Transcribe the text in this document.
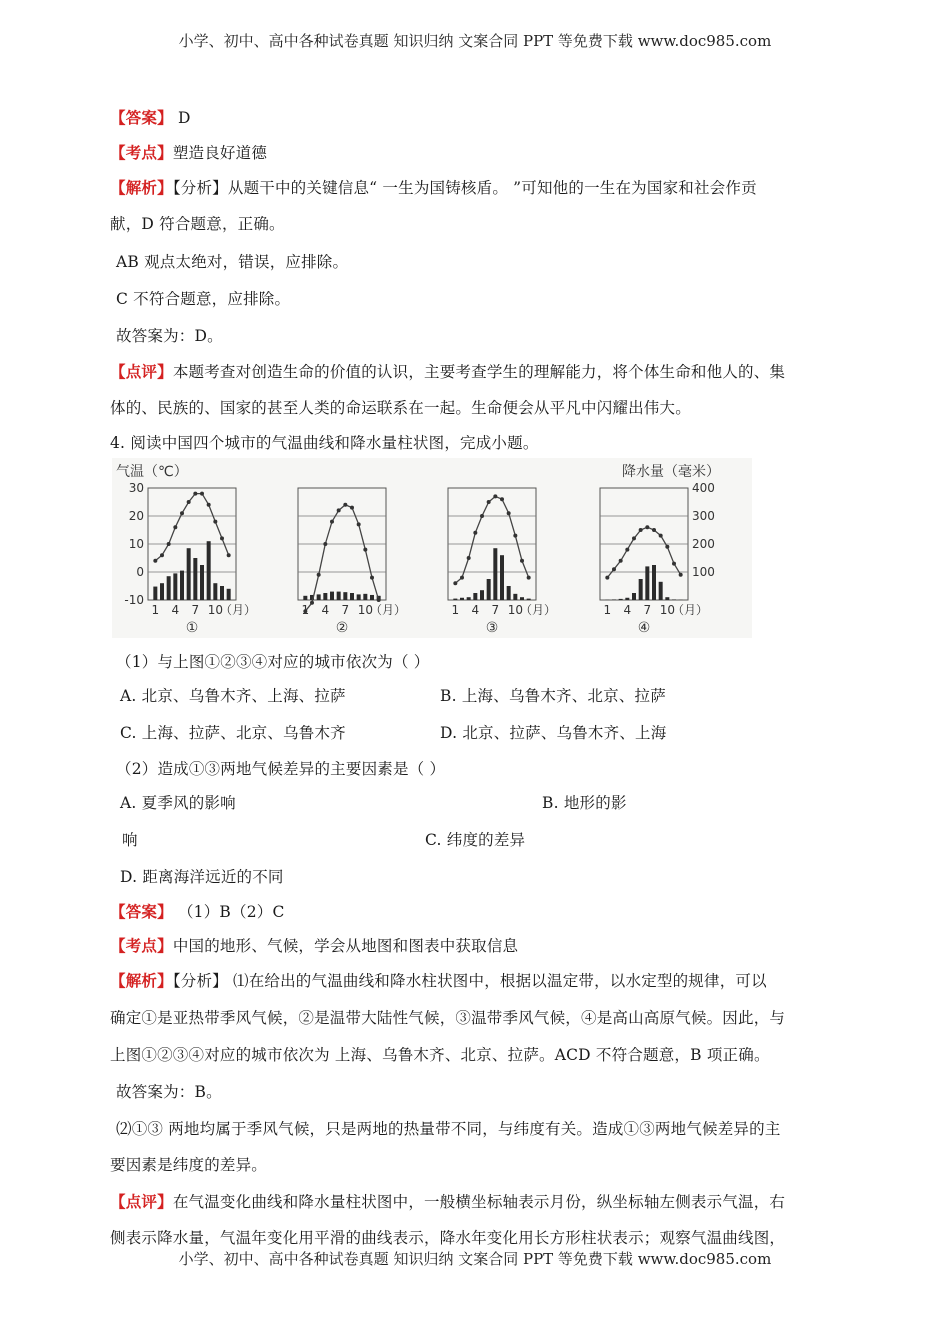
小学、初中、高中各种试卷真题 知识归纳 文案合同 PPT 等免费下载 www.doc985.com
小学、初中、高中各种试卷真题 知识归纳 文案合同 PPT 等免费下载 www.doc985.com
【答案】 D
【考点】塑造良好道德
【解析】【分析】从题干中的关键信息“ 一生为国铸核盾。 ”可知他的一生在为国家和社会作贡
献，D 符合题意，正确。
AB 观点太绝对，错误，应排除。
C 不符合题意，应排除。
故答案为：D。
【点评】本题考查对创造生命的价值的认识，主要考查学生的理解能力，将个体生命和他人的、集
体的、民族的、国家的甚至人类的命运联系在一起。生命便会从平凡中闪耀出伟大。
4. 阅读中国四个城市的气温曲线和降水量柱状图，完成小题。
气温（℃）	降水量（毫米）
30
20
10
0
-10
400
300
200
100
1 4 7 10
（月）
①
1 4 7 10
（月）
②
1 4 7 10
（月）
③
1 4 7 10
（月）
④
（1）与上图①②③④对应的城市依次为（ ）
A. 北京、乌鲁木齐、上海、拉萨	B. 上海、乌鲁木齐、北京、拉萨
C. 上海、拉萨、北京、乌鲁木齐	D. 北京、拉萨、乌鲁木齐、上海
（2）造成①③两地气候差异的主要因素是（ ）
A. 夏季风的影响	B. 地形的影
响	C. 纬度的差异
D. 距离海洋远近的不同
【答案】 （1）B（2）C
【考点】中国的地形、气候，学会从地图和图表中获取信息
【解析】【分析】 ⑴在给出的气温曲线和降水柱状图中，根据以温定带，以水定型的规律，可以
确定①是亚热带季风气候，②是温带大陆性气候，③温带季风气候，④是高山高原气候。因此，与
上图①②③④对应的城市依次为 上海、乌鲁木齐、北京、拉萨。ACD 不符合题意，B 项正确。
故答案为：B。
⑵①③ 两地均属于季风气候，只是两地的热量带不同，与纬度有关。造成①③两地气候差异的主
要因素是纬度的差异。
【点评】在气温变化曲线和降水量柱状图中，一般横坐标轴表示月份，纵坐标轴左侧表示气温，右
侧表示降水量，气温年变化用平滑的曲线表示，降水年变化用长方形柱状表示；观察气温曲线图，
